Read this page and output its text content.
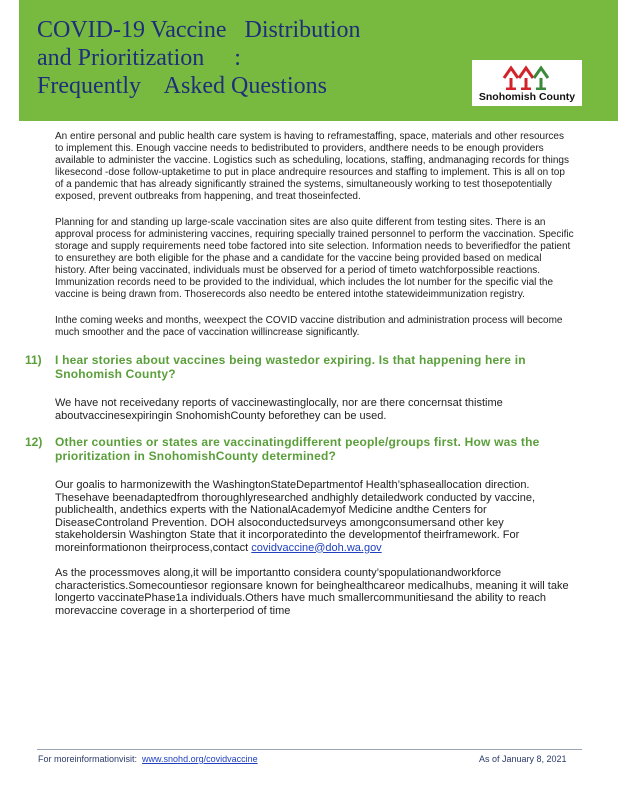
COVID-19 Vaccine   Distribution
and Prioritization     :
Frequently    Asked Questions	Snohomish County

An entire personal and public health care system is having to reframestaffing, space, materials and other resources to implement this. Enough vaccine needs to bedistributed to providers, andthere needs to be enough providers available to administer the vaccine. Logistics such as scheduling, locations, staffing, andmanaging records for things likesecond -dose follow-uptaketime to put in place andrequire resources and staffing to implement. This is all on top of a pandemic that has already significantly strained the systems, simultaneously working to test thosepotentially exposed, prevent outbreaks from happening, and treat thoseinfected.

Planning for and standing up large-scale vaccination sites are also quite different from testing sites. There is an approval process for administering vaccines, requiring specially trained personnel to perform the vaccination. Specific storage and supply requirements need tobe factored into site selection. Information needs to beverifiedfor the patient to ensurethey are both eligible for the phase and a candidate for the vaccine being provided based on medical history. After being vaccinated, individuals must be observed for a period of timeto watchforpossible reactions. Immunization records need to be provided to the individual, which includes the lot number for the specific vial the vaccine is being drawn from. Thoserecords also needto be entered intothe statewideimmunization registry.

Inthe coming weeks and months, weexpect the COVID vaccine distribution and administration process will become much smoother and the pace of vaccination willincrease significantly.

11) I hear stories about vaccines being wastedor expiring. Is that happening here in Snohomish County?

We have not receivedany reports of vaccinewastinglocally, nor are there concernsat thistime aboutvaccinesexpiringin SnohomishCounty beforethey can be used.

12) Other counties or states are vaccinatingdifferent people/groups first. How was the prioritization in SnohomishCounty determined?

Our goalis to harmonizewith the WashingtonStateDepartmentof Health’sphaseallocation direction. Thesehave beenadaptedfrom thoroughlyresearched andhighly detailedwork conducted by vaccine, publichealth, andethics experts with the NationalAcademyof Medicine andthe Centers for DiseaseControland Prevention. DOH alsoconductedsurveys amongconsumersand other key stakeholdersin Washington State that it incorporatedinto the developmentof theirframework. For moreinformationon theirprocess,contact covidvaccine@doh.wa.gov

As the processmoves along,it will be importantto considera county’spopulationandworkforce characteristics.Somecountiesor regionsare known for beinghealthcareor medicalhubs, meaning it will take longerto vaccinatePhase1a individuals.Others have much smallercommunitiesand the ability to reach morevaccine coverage in a shorterperiod of time

For moreinformationvisit: www.snohd.org/covidvaccine	As of January 8, 2021
